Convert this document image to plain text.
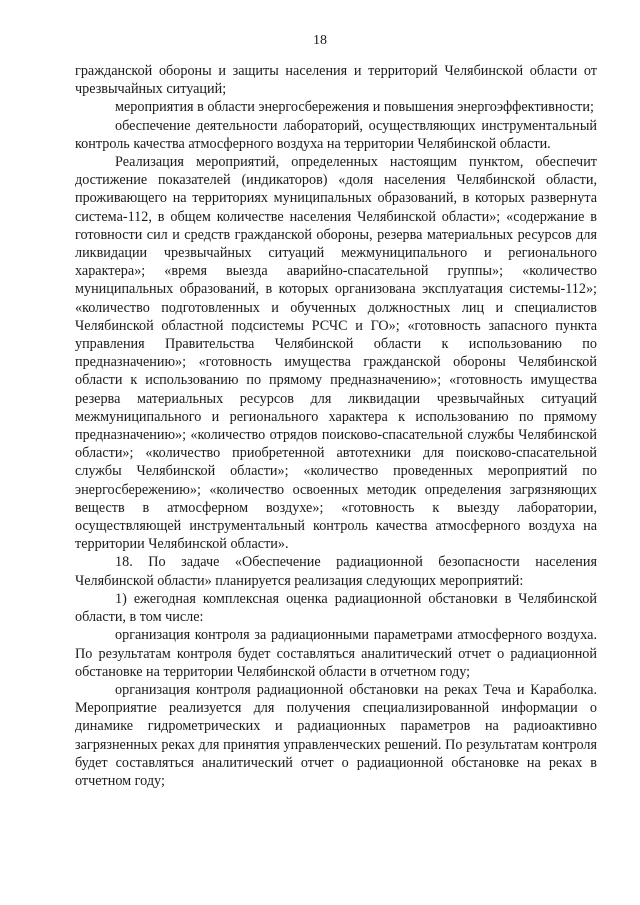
18

гражданской обороны и защиты населения и территорий Челябинской области от чрезвычайных ситуаций;

мероприятия в области энергосбережения и повышения энергоэффективности;

обеспечение деятельности лабораторий, осуществляющих инструментальный контроль качества атмосферного воздуха на территории Челябинской области.

Реализация мероприятий, определенных настоящим пунктом, обеспечит достижение показателей (индикаторов) «доля населения Челябинской области, проживающего на территориях муниципальных образований, в которых развернута система-112, в общем количестве населения Челябинской области»; «содержание в готовности сил и средств гражданской обороны, резерва материальных ресурсов для ликвидации чрезвычайных ситуаций межмуниципального и регионального характера»; «время выезда аварийно-спасательной группы»; «количество муниципальных образований, в которых организована эксплуатация системы-112»; «количество подготовленных и обученных должностных лиц и специалистов Челябинской областной подсистемы РСЧС и ГО»; «готовность запасного пункта управления Правительства Челябинской области к использованию по предназначению»; «готовность имущества гражданской обороны Челябинской области к использованию по прямому предназначению»; «готовность имущества резерва материальных ресурсов для ликвидации чрезвычайных ситуаций межмуниципального и регионального характера к использованию по прямому предназначению»; «количество отрядов поисково-спасательной службы Челябинской области»; «количество приобретенной автотехники для поисково-спасательной службы Челябинской области»; «количество проведенных мероприятий по энергосбережению»; «количество освоенных методик определения загрязняющих веществ в атмосферном воздухе»; «готовность к выезду лаборатории, осуществляющей инструментальный контроль качества атмосферного воздуха на территории Челябинской области».

18. По задаче «Обеспечение радиационной безопасности населения Челябинской области» планируется реализация следующих мероприятий:

1) ежегодная комплексная оценка радиационной обстановки в Челябинской области, в том числе:

организация контроля за радиационными параметрами атмосферного воздуха. По результатам контроля будет составляться аналитический отчет о радиационной обстановке на территории Челябинской области в отчетном году;

организация контроля радиационной обстановки на реках Теча и Караболка. Мероприятие реализуется для получения специализированной информации о динамике гидрометрических и радиационных параметров на радиоактивно загрязненных реках для принятия управленческих решений. По результатам контроля будет составляться аналитический отчет о радиационной обстановке на реках в отчетном году;
